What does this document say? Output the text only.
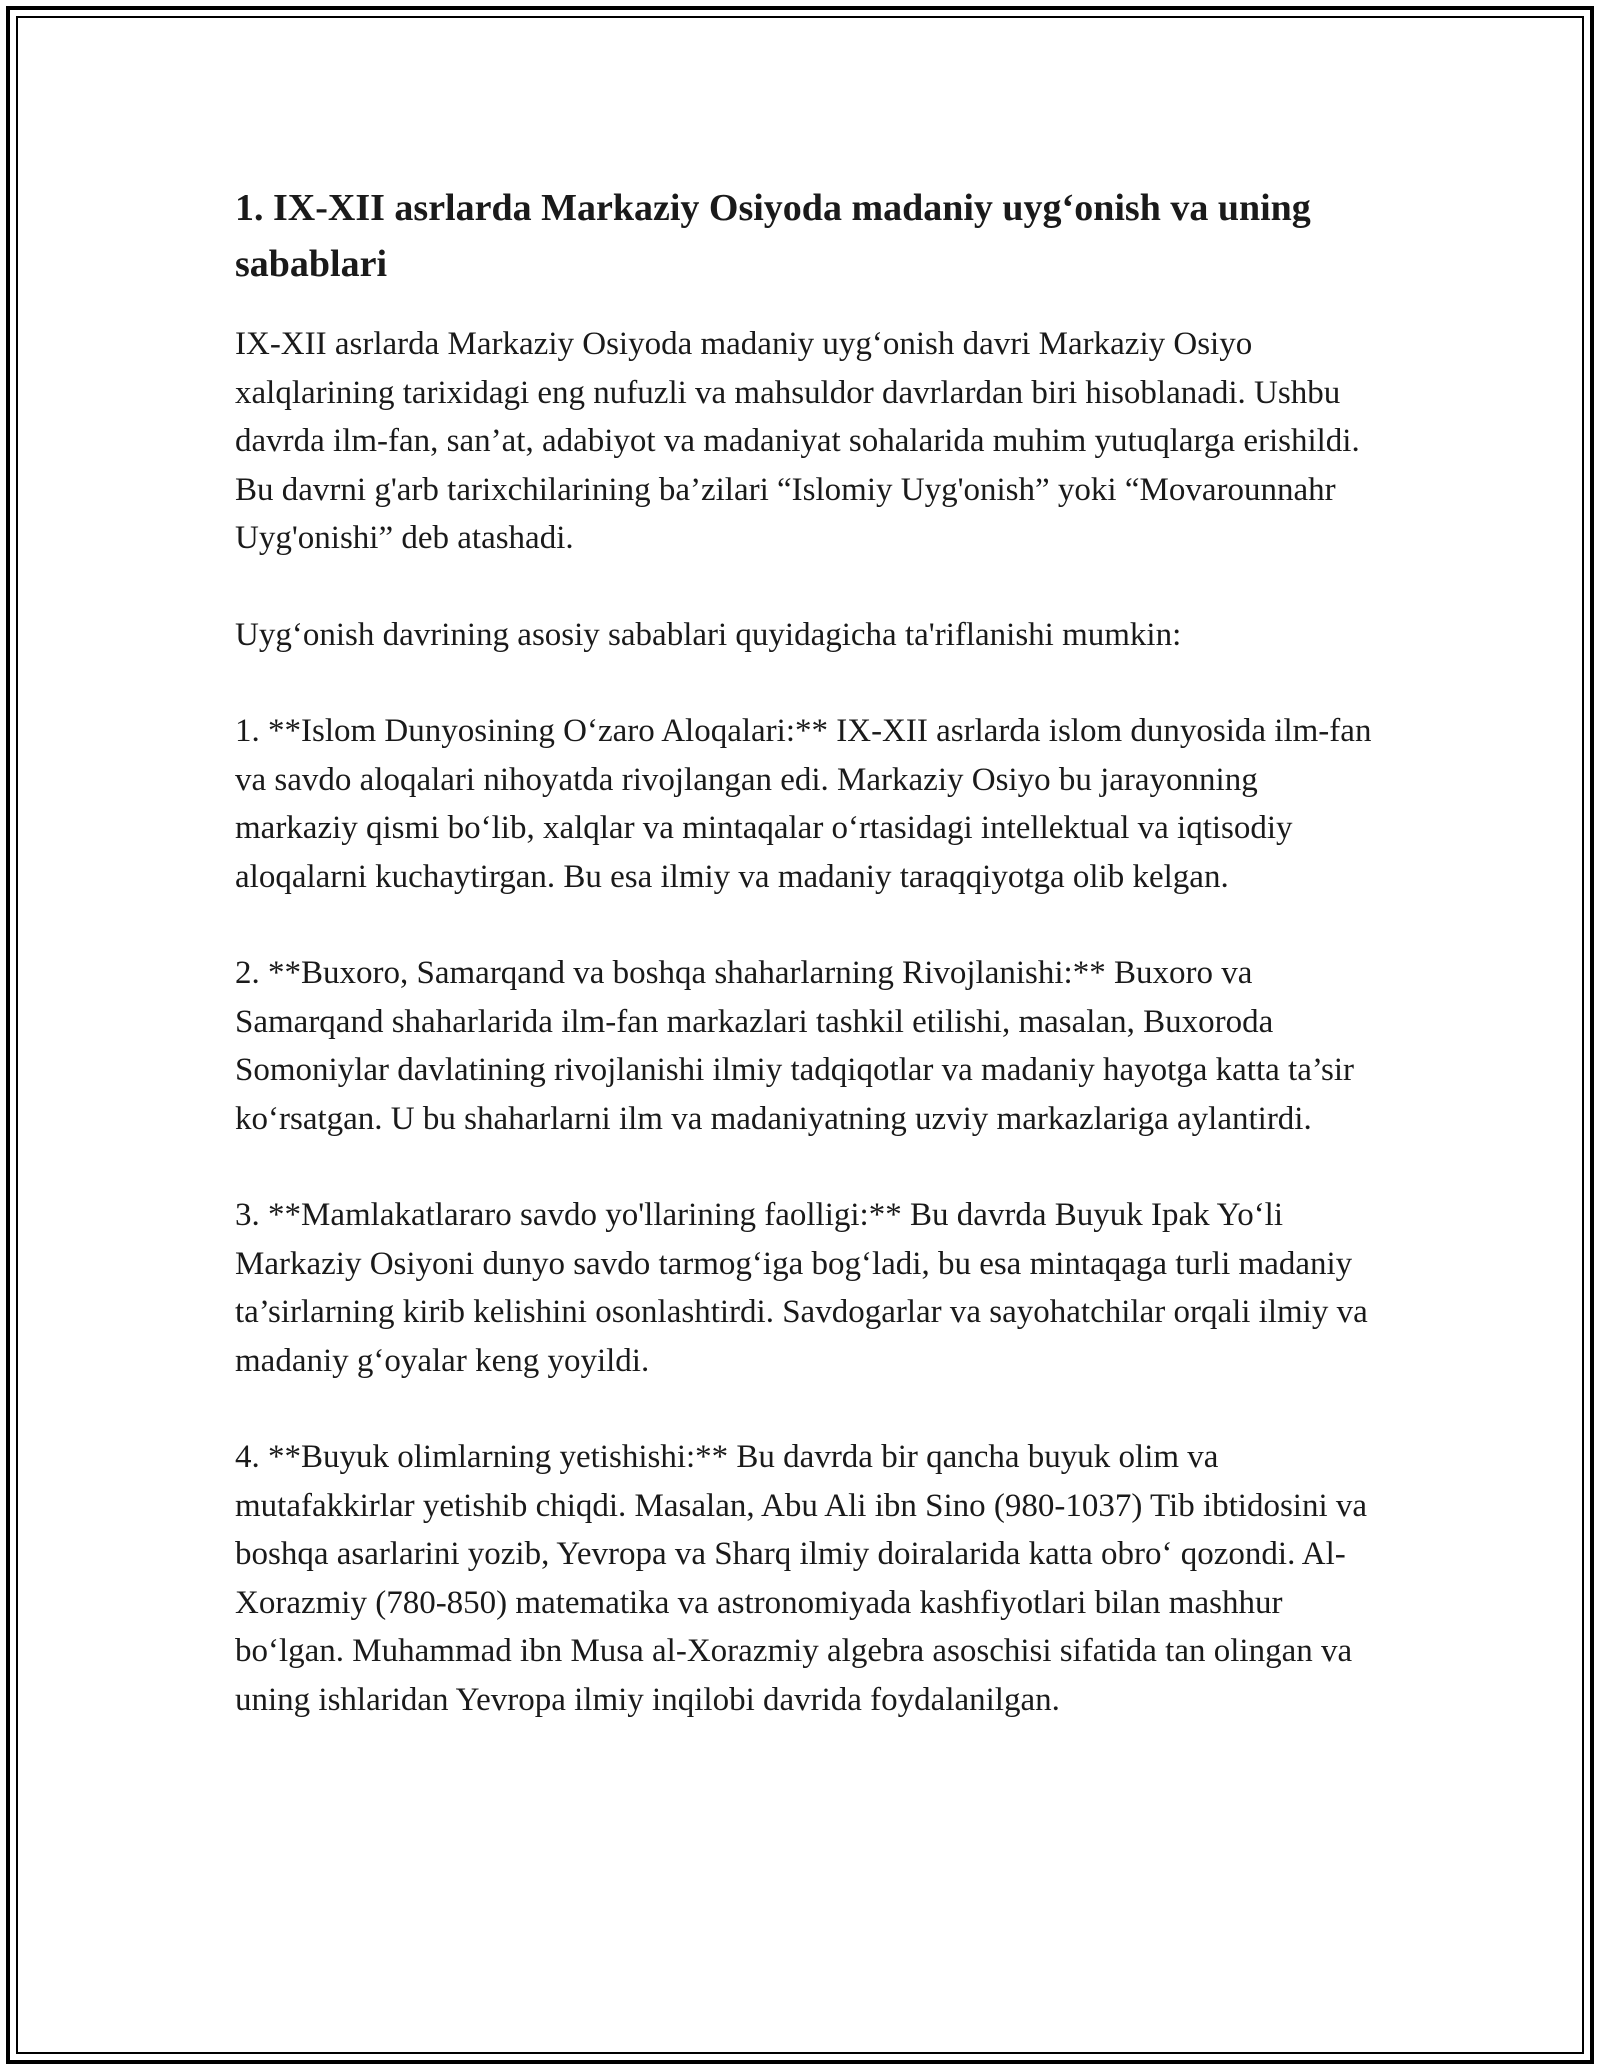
1. IX-XII asrlarda Markaziy Osiyoda madaniy uyg‘onish va uning sabablari

IX-XII asrlarda Markaziy Osiyoda madaniy uyg‘onish davri Markaziy Osiyo xalqlarining tarixidagi eng nufuzli va mahsuldor davrlardan biri hisoblanadi. Ushbu davrda ilm-fan, san’at, adabiyot va madaniyat sohalarida muhim yutuqlarga erishildi. Bu davrni g'arb tarixchilarining ba’zilari “Islomiy Uyg'onish” yoki “Movarounnahr Uyg'onishi” deb atashadi.

Uyg‘onish davrining asosiy sabablari quyidagicha ta'riflanishi mumkin:

1. **Islom Dunyosining O‘zaro Aloqalari:** IX-XII asrlarda islom dunyosida ilm-fan va savdo aloqalari nihoyatda rivojlangan edi. Markaziy Osiyo bu jarayonning markaziy qismi bo‘lib, xalqlar va mintaqalar o‘rtasidagi intellektual va iqtisodiy aloqalarni kuchaytirgan. Bu esa ilmiy va madaniy taraqqiyotga olib kelgan.

2. **Buxoro, Samarqand va boshqa shaharlarning Rivojlanishi:** Buxoro va Samarqand shaharlarida ilm-fan markazlari tashkil etilishi, masalan, Buxoroda Somoniylar davlatining rivojlanishi ilmiy tadqiqotlar va madaniy hayotga katta ta’sir ko‘rsatgan. U bu shaharlarni ilm va madaniyatning uzviy markazlariga aylantirdi.

3. **Mamlakatlararo savdo yo'llarining faolligi:** Bu davrda Buyuk Ipak Yo‘li Markaziy Osiyoni dunyo savdo tarmog‘iga bog‘ladi, bu esa mintaqaga turli madaniy ta’sirlarning kirib kelishini osonlashtirdi. Savdogarlar va sayohatchilar orqali ilmiy va madaniy g‘oyalar keng yoyildi.

4. **Buyuk olimlarning yetishishi:** Bu davrda bir qancha buyuk olim va mutafakkirlar yetishib chiqdi. Masalan, Abu Ali ibn Sino (980-1037) Tib ibtidosini va boshqa asarlarini yozib, Yevropa va Sharq ilmiy doiralarida katta obro‘ qozondi. Al-Xorazmiy (780-850) matematika va astronomiyada kashfiyotlari bilan mashhur bo‘lgan. Muhammad ibn Musa al-Xorazmiy algebra asoschisi sifatida tan olingan va uning ishlaridan Yevropa ilmiy inqilobi davrida foydalanilgan.
